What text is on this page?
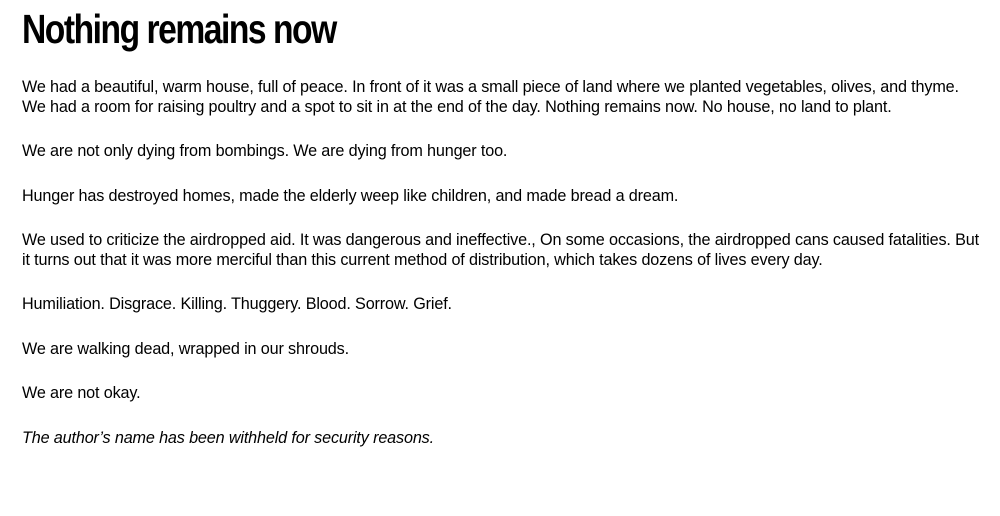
Nothing remains now

We had a beautiful, warm house, full of peace. In front of it was a small piece of land where we planted vegetables, olives, and thyme. We had a room for raising poultry and a spot to sit in at the end of the day. Nothing remains now. No house, no land to plant.

We are not only dying from bombings. We are dying from hunger too.

Hunger has destroyed homes, made the elderly weep like children, and made bread a dream.

We used to criticize the airdropped aid. It was dangerous and ineffective., On some occasions, the airdropped cans caused fatalities. But it turns out that it was more merciful than this current method of distribution, which takes dozens of lives every day.

Humiliation. Disgrace. Killing. Thuggery. Blood. Sorrow. Grief.

We are walking dead, wrapped in our shrouds.

We are not okay.

The author’s name has been withheld for security reasons.
